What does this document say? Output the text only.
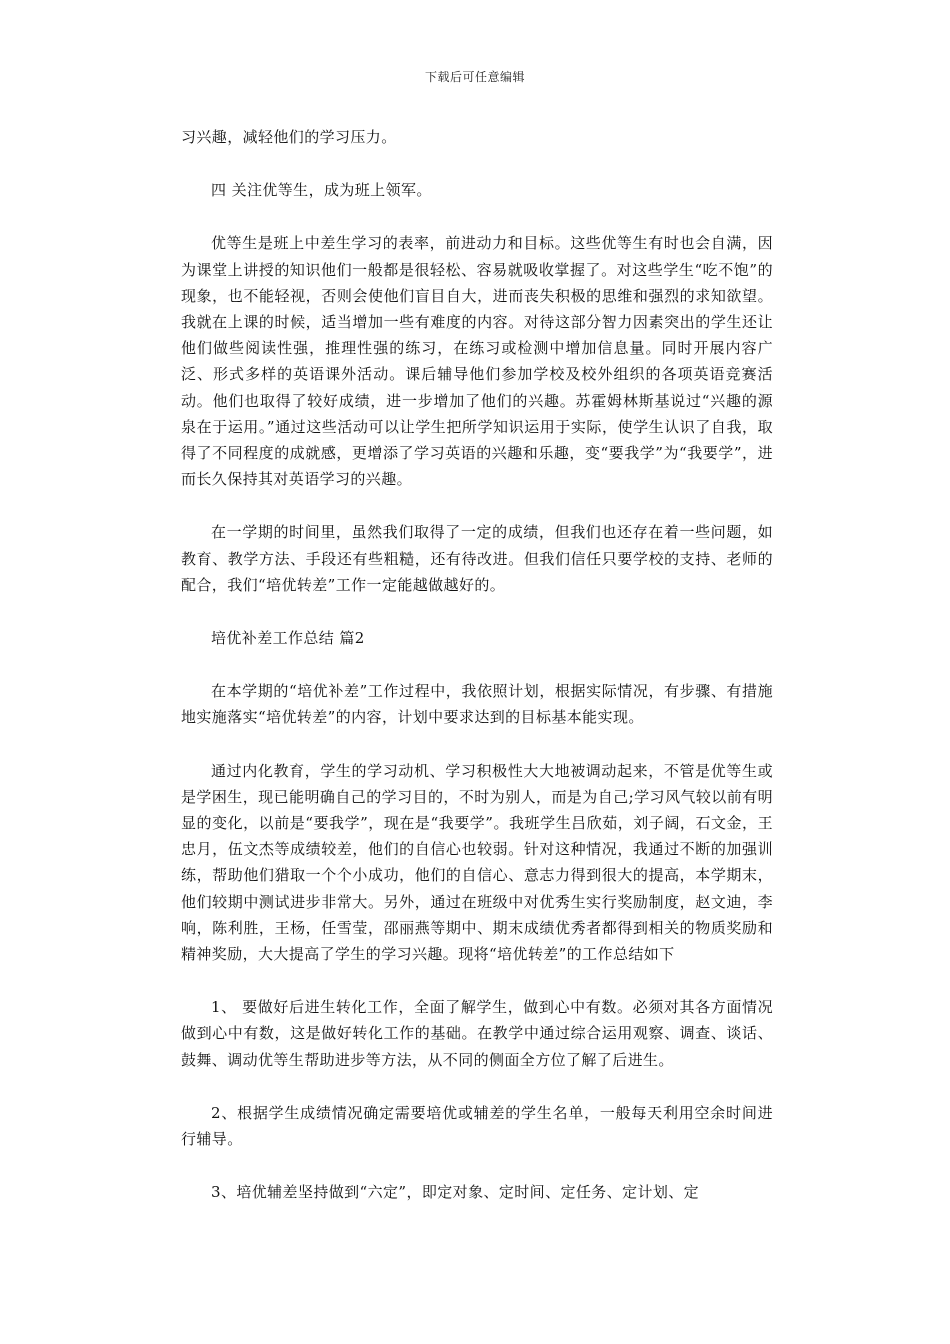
下载后可任意编辑

习兴趣，减轻他们的学习压力。

四 关注优等生，成为班上领军。

优等生是班上中差生学习的表率，前进动力和目标。这些优等生有时也会自满，因为课堂上讲授的知识他们一般都是很轻松、容易就吸收掌握了。对这些学生“吃不饱”的现象，也不能轻视，否则会使他们盲目自大，进而丧失积极的思维和强烈的求知欲望。我就在上课的时候，适当增加一些有难度的内容。对待这部分智力因素突出的学生还让他们做些阅读性强，推理性强的练习，在练习或检测中增加信息量。同时开展内容广泛、形式多样的英语课外活动。课后辅导他们参加学校及校外组织的各项英语竞赛活动。他们也取得了较好成绩，进一步增加了他们的兴趣。苏霍姆林斯基说过“兴趣的源泉在于运用。”通过这些活动可以让学生把所学知识运用于实际，使学生认识了自我，取得了不同程度的成就感，更增添了学习英语的兴趣和乐趣，变“要我学”为“我要学”，进而长久保持其对英语学习的兴趣。

在一学期的时间里，虽然我们取得了一定的成绩，但我们也还存在着一些问题，如教育、教学方法、手段还有些粗糙，还有待改进。但我们信任只要学校的支持、老师的配合，我们“培优转差”工作一定能越做越好的。

培优补差工作总结 篇2

在本学期的“培优补差”工作过程中，我依照计划，根据实际情况，有步骤、有措施地实施落实“培优转差”的内容，计划中要求达到的目标基本能实现。

通过内化教育，学生的学习动机、学习积极性大大地被调动起来，不管是优等生或是学困生，现已能明确自己的学习目的，不时为别人，而是为自己;学习风气较以前有明显的变化，以前是“要我学”，现在是“我要学”。我班学生吕欣茹，刘子阔，石文金，王忠月，伍文杰等成绩较差，他们的自信心也较弱。针对这种情况，我通过不断的加强训练，帮助他们猎取一个个小成功，他们的自信心、意志力得到很大的提高，本学期末，他们较期中测试进步非常大。另外，通过在班级中对优秀生实行奖励制度，赵文迪，李响，陈利胜，王杨，任雪莹，邵丽燕等期中、期末成绩优秀者都得到相关的物质奖励和精神奖励，大大提高了学生的学习兴趣。现将“培优转差”的工作总结如下

1、 要做好后进生转化工作，全面了解学生，做到心中有数。必须对其各方面情况做到心中有数，这是做好转化工作的基础。在教学中通过综合运用观察、调查、谈话、鼓舞、调动优等生帮助进步等方法，从不同的侧面全方位了解了后进生。

2、根据学生成绩情况确定需要培优或辅差的学生名单，一般每天利用空余时间进行辅导。

3、培优辅差坚持做到“六定”，即定对象、定时间、定任务、定计划、定
